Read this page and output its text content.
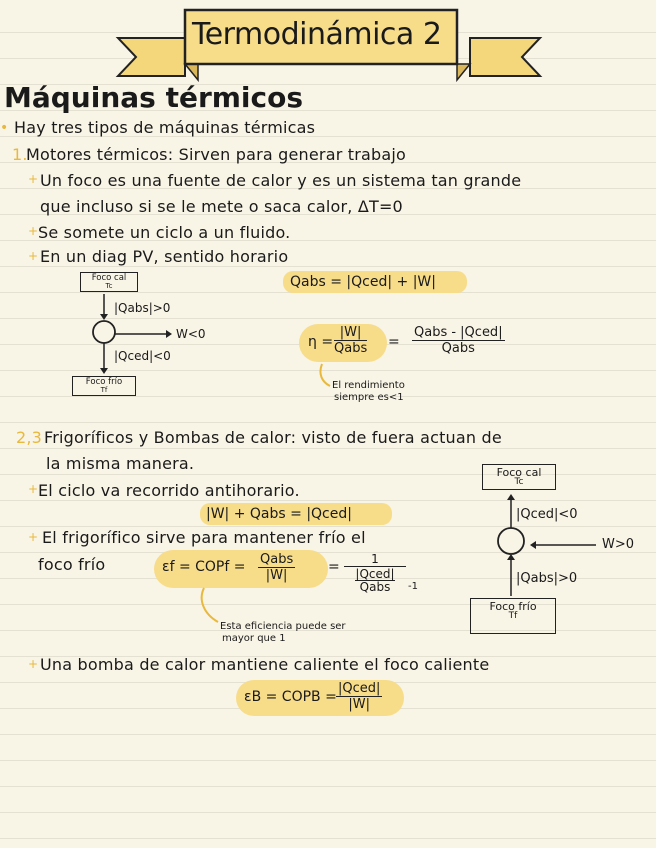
Termodinámica 2
Máquinas térmicos
• Hay tres tipos de máquinas térmicas
1.
Motores térmicos: Sirven para generar trabajo
+ Un foco es una fuente de calor y es un sistema tan grande
que incluso si se le mete o saca calor, ΔT=0
+ Se somete un ciclo a un fluido.
+ En un diag PV, sentido horario
Foco cal
Tc
|Qabs|>0
W<0
|Qced|<0
Foco frío
Tf
Qabs = |Qced| + |W|
η =
|W|
Qabs =
Qabs - |Qced|
Qabs
El rendimiento
siempre es<1
2,3 Frigoríficos y Bombas de calor: visto de fuera actuan de
la misma manera.
+ El ciclo va recorrido antihorario.
|W| + Qabs = |Qced|
+ El frigorífico sirve para mantener frío el
foco frío	εf = COPf = Qabs
|W|
=	1
|Qced|
Qabs	-1
Esta eficiencia puede ser
mayor que 1
Foco cal
Tc
|Qced|<0
W>0
|Qabs|>0
Foco frío
Tf
+ Una bomba de calor mantiene caliente el foco caliente
εB = COPB =
|Qced|
|W|
